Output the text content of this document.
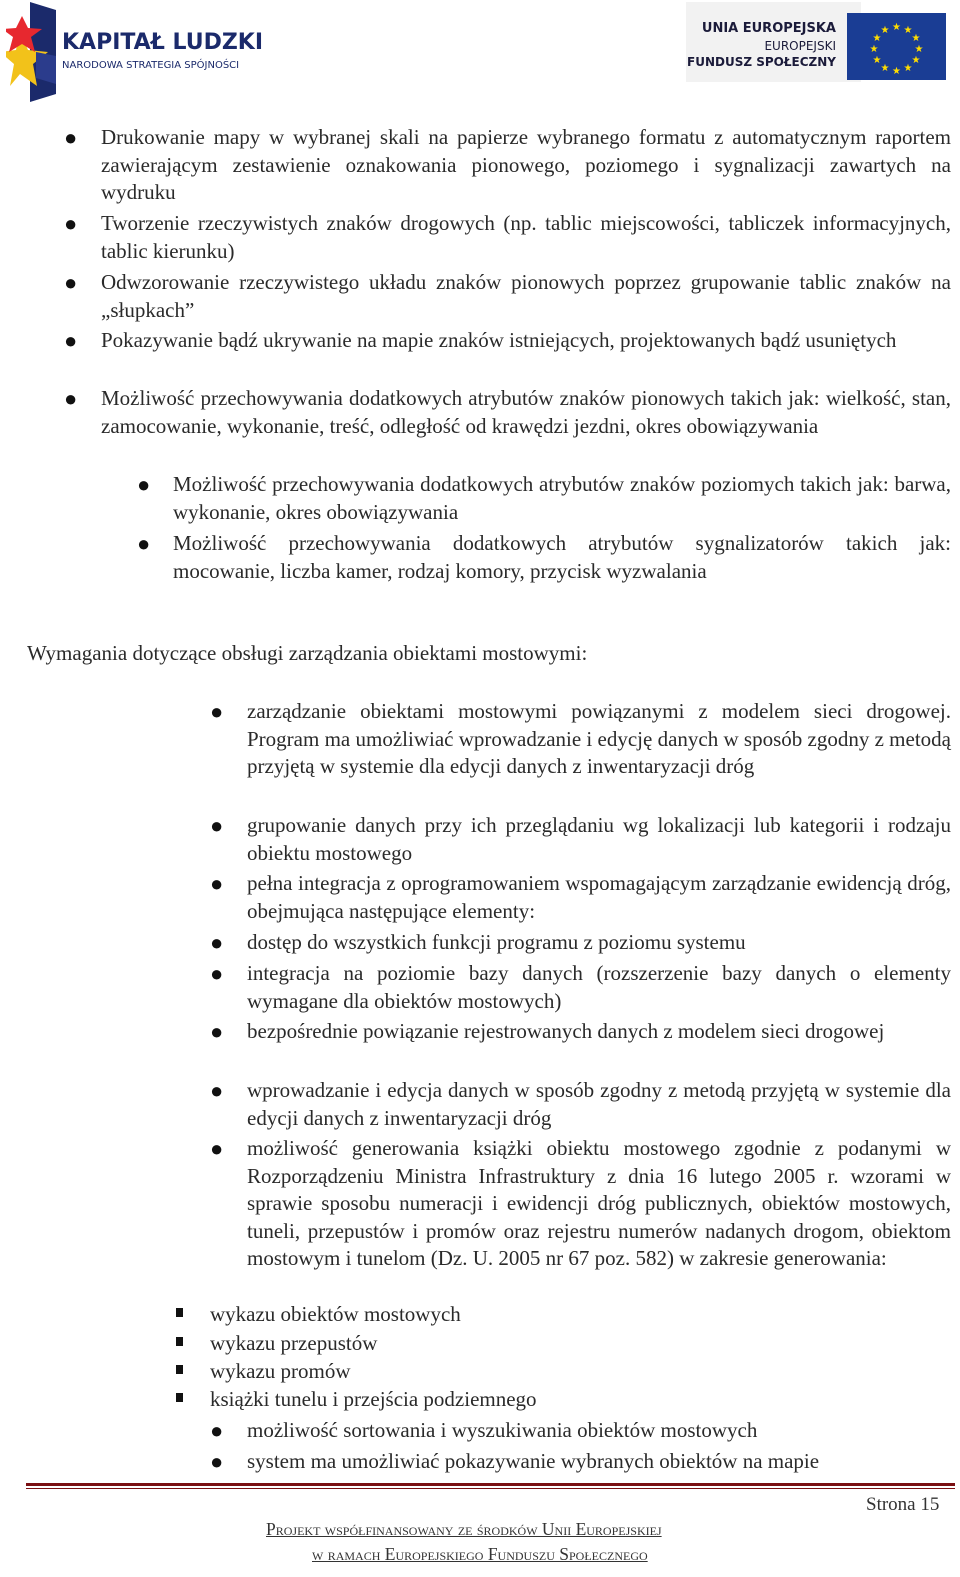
KAPITAŁ LUDZKI
NARODOWA STRATEGIA SPÓJNOŚCI
UNIA EUROPEJSKA
EUROPEJSKI
FUNDUSZ SPOŁECZNY
★ ★
★
★
★
★
★
★
★
★
★
★
● Drukowanie mapy w wybranej skali na papierze wybranego formatu z automatycznym raportem zawierającym zestawienie oznakowania pionowego, poziomego i sygnalizacji zawartych na wydruku
● Tworzenie rzeczywistych znaków drogowych (np. tablic miejscowości, tabliczek informacyjnych, tablic kierunku)
● Odwzorowanie rzeczywistego układu znaków pionowych poprzez grupowanie tablic znaków na „słupkach”
● Pokazywanie bądź ukrywanie na mapie znaków istniejących, projektowanych bądź usuniętych
● Możliwość przechowywania dodatkowych atrybutów znaków pionowych takich jak: wielkość, stan, zamocowanie, wykonanie, treść, odległość od krawędzi jezdni, okres obowiązywania
● Możliwość przechowywania dodatkowych atrybutów znaków poziomych takich jak: barwa, wykonanie, okres obowiązywania
● Możliwość przechowywania dodatkowych atrybutów sygnalizatorów takich jak: mocowanie, liczba kamer, rodzaj komory, przycisk wyzwalania
Wymagania dotyczące obsługi zarządzania obiektami mostowymi:
● zarządzanie obiektami mostowymi powiązanymi z modelem sieci drogowej. Program ma umożliwiać wprowadzanie i edycję danych w sposób zgodny z metodą przyjętą w systemie dla edycji danych z inwentaryzacji dróg
● grupowanie danych przy ich przeglądaniu wg lokalizacji lub kategorii i rodzaju obiektu mostowego
● pełna integracja z oprogramowaniem wspomagającym zarządzanie ewidencją dróg, obejmująca następujące elementy:
● dostęp do wszystkich funkcji programu z poziomu systemu
● integracja na poziomie bazy danych (rozszerzenie bazy danych o elementy wymagane dla obiektów mostowych)
● bezpośrednie powiązanie rejestrowanych danych z modelem sieci drogowej
● wprowadzanie i edycja danych w sposób zgodny z metodą przyjętą w systemie dla edycji danych z inwentaryzacji dróg
● możliwość generowania książki obiektu mostowego zgodnie z podanymi w Rozporządzeniu Ministra Infrastruktury z dnia 16 lutego 2005 r. wzorami w sprawie sposobu numeracji i ewidencji dróg publicznych, obiektów mostowych, tuneli, przepustów i promów oraz rejestru numerów nadanych drogom, obiektom mostowym i tunelom (Dz. U. 2005 nr 67 poz. 582) w zakresie generowania:
wykazu obiektów mostowych
wykazu przepustów
wykazu promów
książki tunelu i przejścia podziemnego
● możliwość sortowania i wyszukiwania obiektów mostowych
● system ma umożliwiać pokazywanie wybranych obiektów na mapie
Strona 15
Projekt współfinansowany ze środków Unii Europejskiej
w ramach Europejskiego Funduszu Społecznego
